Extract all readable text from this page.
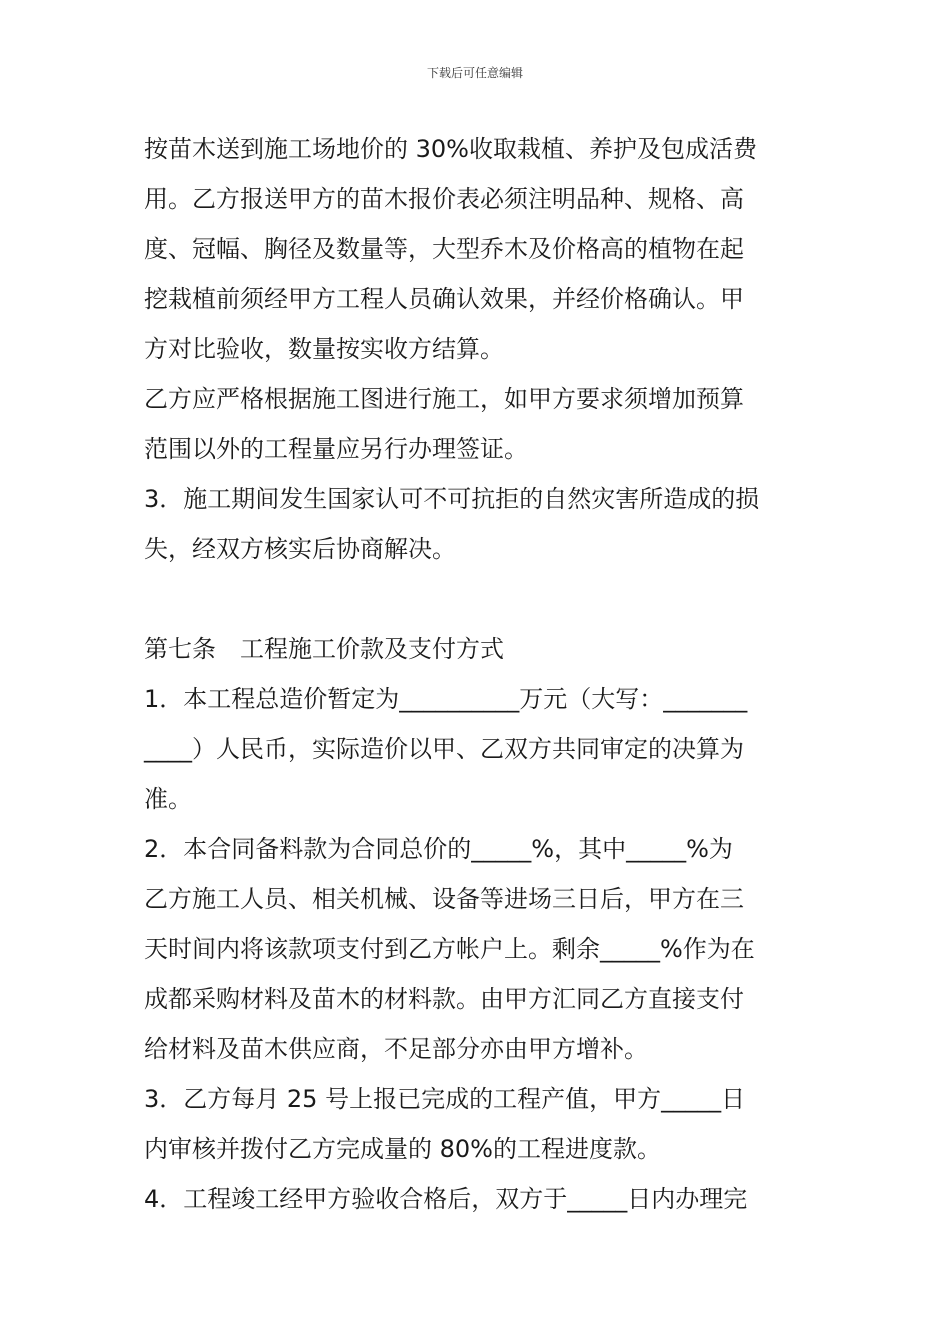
下载后可任意编辑
按苗木送到施工场地价的 30%收取栽植、养护及包成活费
用。乙方报送甲方的苗木报价表必须注明品种、规格、高
度、冠幅、胸径及数量等，大型乔木及价格高的植物在起
挖栽植前须经甲方工程人员确认效果，并经价格确认。甲
方对比验收，数量按实收方结算。
乙方应严格根据施工图进行施工，如甲方要求须增加预算
范围以外的工程量应另行办理签证。
3．施工期间发生国家认可不可抗拒的自然灾害所造成的损
失，经双方核实后协商解决。
第七条　工程施工价款及支付方式
1．本工程总造价暂定为__________万元（大写：_______
____）人民币，实际造价以甲、乙双方共同审定的决算为
准。
2．本合同备料款为合同总价的_____%，其中_____%为
乙方施工人员、相关机械、设备等进场三日后，甲方在三
天时间内将该款项支付到乙方帐户上。剩余_____%作为在
成都采购材料及苗木的材料款。由甲方汇同乙方直接支付
给材料及苗木供应商，不足部分亦由甲方增补。
3．乙方每月 25 号上报已完成的工程产值，甲方_____日
内审核并拨付乙方完成量的 80%的工程进度款。
4．工程竣工经甲方验收合格后，双方于_____日内办理完
